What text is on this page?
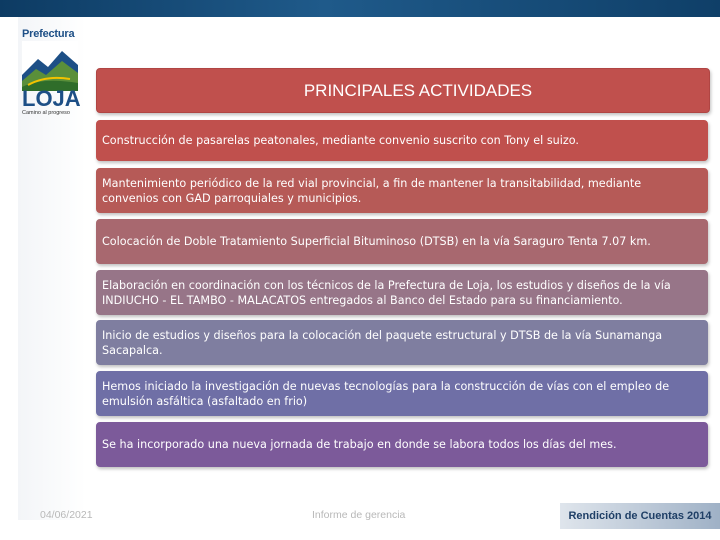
Prefectura
LOJA
Camino al progreso
PRINCIPALES ACTIVIDADES
Construcción de pasarelas peatonales, mediante convenio suscrito con Tony el suizo.
Mantenimiento periódico de la red vial provincial, a fin de mantener la transitabilidad, mediante convenios con GAD parroquiales y municipios.
Colocación de Doble Tratamiento Superficial Bituminoso (DTSB) en la vía Saraguro Tenta 7.07 km.
Elaboración en coordinación con los técnicos de la Prefectura de Loja, los estudios y diseños de la vía INDIUCHO - EL TAMBO - MALACATOS entregados al Banco del Estado para su financiamiento.
Inicio de estudios y diseños para la colocación del paquete estructural y DTSB de la vía Sunamanga Sacapalca.
Hemos iniciado la investigación de nuevas tecnologías para la construcción de vías con el empleo de emulsión asfáltica (asfaltado en frio)
Se ha incorporado una nueva jornada de trabajo en donde se labora todos los días del mes.
04/06/2021	Informe de gerencia	Rendición de Cuentas 2014
